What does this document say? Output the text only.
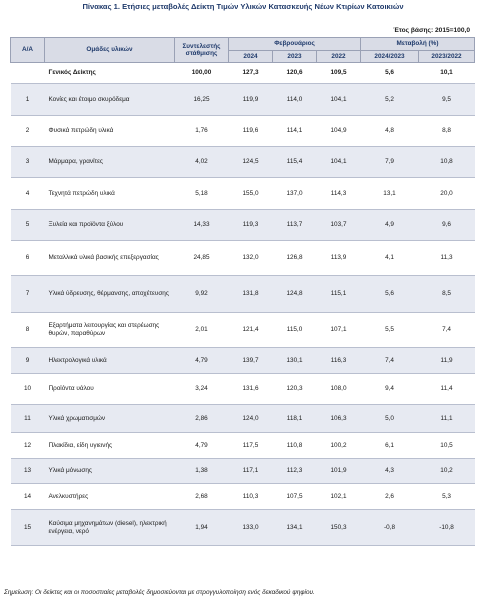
Πίνακας 1. Ετήσιες μεταβολές Δείκτη Τιμών Υλικών Κατασκευής Νέων Κτιρίων Κατοικιών
Έτος βάσης: 2015=100,0
Α/Α	Ομάδες υλικών	Συντελεστής στάθμισης	Φεβρουάριος			Μεταβολή (%)	
			2024	2023	2022	2024/2023	2023/2022
	Γενικός Δείκτης	100,00	127,3	120,6	109,5	5,6	10,1
1	Κονίες και έτοιμο σκυρόδεμα	16,25	119,9	114,0	104,1	5,2	9,5
2	Φυσικά πετρώδη υλικά	1,76	119,6	114,1	104,9	4,8	8,8
3	Μάρμαρα, γρανίτες	4,02	124,5	115,4	104,1	7,9	10,8
4	Τεχνητά πετρώδη υλικά	5,18	155,0	137,0	114,3	13,1	20,0
5	Ξυλεία και προϊόντα ξύλου	14,33	119,3	113,7	103,7	4,9	9,6
6	Μεταλλικά υλικά βασικής επεξεργασίας	24,85	132,0	126,8	113,9	4,1	11,3
7	Υλικά ύδρευσης, θέρμανσης, αποχέτευσης	9,92	131,8	124,8	115,1	5,6	8,5
8	Εξαρτήματα λειτουργίας και στερέωσης θυρών, παραθύρων	2,01	121,4	115,0	107,1	5,5	7,4
9	Ηλεκτρολογικά υλικά	4,79	139,7	130,1	116,3	7,4	11,9
10	Προϊόντα υάλου	3,24	131,6	120,3	108,0	9,4	11,4
11	Υλικά χρωματισμών	2,86	124,0	118,1	106,3	5,0	11,1
12	Πλακίδια, είδη υγιεινής	4,79	117,5	110,8	100,2	6,1	10,5
13	Υλικά μόνωσης	1,38	117,1	112,3	101,9	4,3	10,2
14	Ανελκυστήρες	2,68	110,3	107,5	102,1	2,6	5,3
15	Καύσιμα μηχανημάτων (diesel), ηλεκτρική ενέργεια, νερό	1,94	133,0	134,1	150,3	-0,8	-10,8
Σημείωση: Οι δείκτες και οι ποσοστιαίες μεταβολές δημοσιεύονται με στρογγυλοποίηση ενός δεκαδικού ψηφίου.
